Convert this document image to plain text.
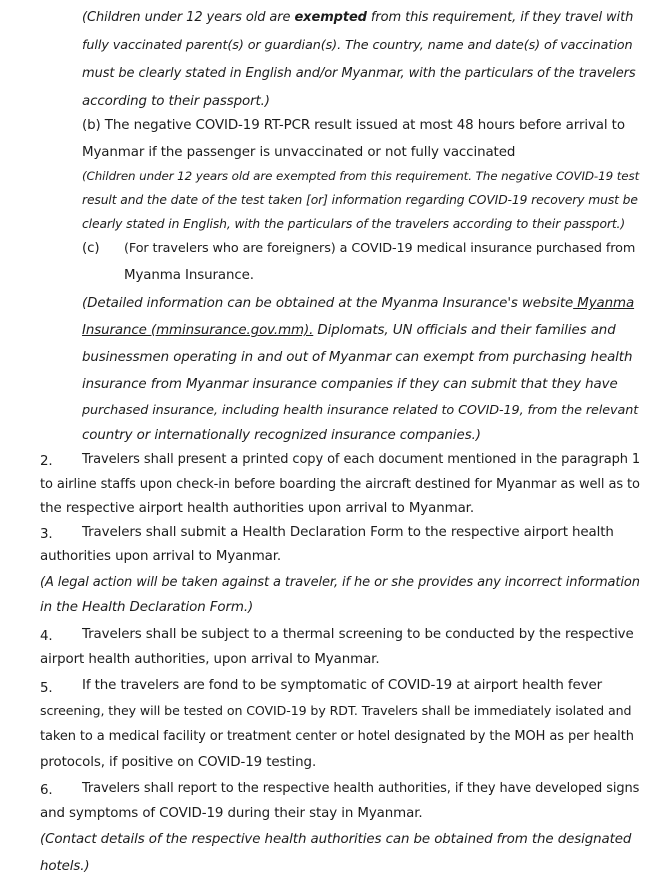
(Children under 12 years old are exempted from this requirement, if they travel with

fully vaccinated parent(s) or guardian(s). The country, name and date(s) of vaccination

must be clearly stated in English and/or Myanmar, with the particulars of the travelers

according to their passport.)

(b) The negative COVID-19 RT-PCR result issued at most 48 hours before arrival to

Myanmar if the passenger is unvaccinated or not fully vaccinated

(Children under 12 years old are exempted from this requirement. The negative COVID-19 test

result and the date of the test taken [or] information regarding COVID-19 recovery must be

clearly stated in English, with the particulars of the travelers according to their passport.)

(c) (For travelers who are foreigners) a COVID-19 medical insurance purchased from

Myanma Insurance.

(Detailed information can be obtained at the Myanma Insurance's website Myanma

Insurance (mminsurance.gov.mm). Diplomats, UN officials and their families and

businessmen operating in and out of Myanmar can exempt from purchasing health

insurance from Myanmar insurance companies if they can submit that they have

purchased insurance, including health insurance related to COVID-19, from the relevant

country or internationally recognized insurance companies.)

2. Travelers shall present a printed copy of each document mentioned in the paragraph 1

to airline staffs upon check-in before boarding the aircraft destined for Myanmar as well as to

the respective airport health authorities upon arrival to Myanmar.

3. Travelers shall submit a Health Declaration Form to the respective airport health

authorities upon arrival to Myanmar.

(A legal action will be taken against a traveler, if he or she provides any incorrect information

in the Health Declaration Form.)

4. Travelers shall be subject to a thermal screening to be conducted by the respective

airport health authorities, upon arrival to Myanmar.

5. If the travelers are fond to be symptomatic of COVID-19 at airport health fever

screening, they will be tested on COVID-19 by RDT. Travelers shall be immediately isolated and

taken to a medical facility or treatment center or hotel designated by the MOH as per health

protocols, if positive on COVID-19 testing.

6. Travelers shall report to the respective health authorities, if they have developed signs

and symptoms of COVID-19 during their stay in Myanmar.

(Contact details of the respective health authorities can be obtained from the designated

hotels.)
